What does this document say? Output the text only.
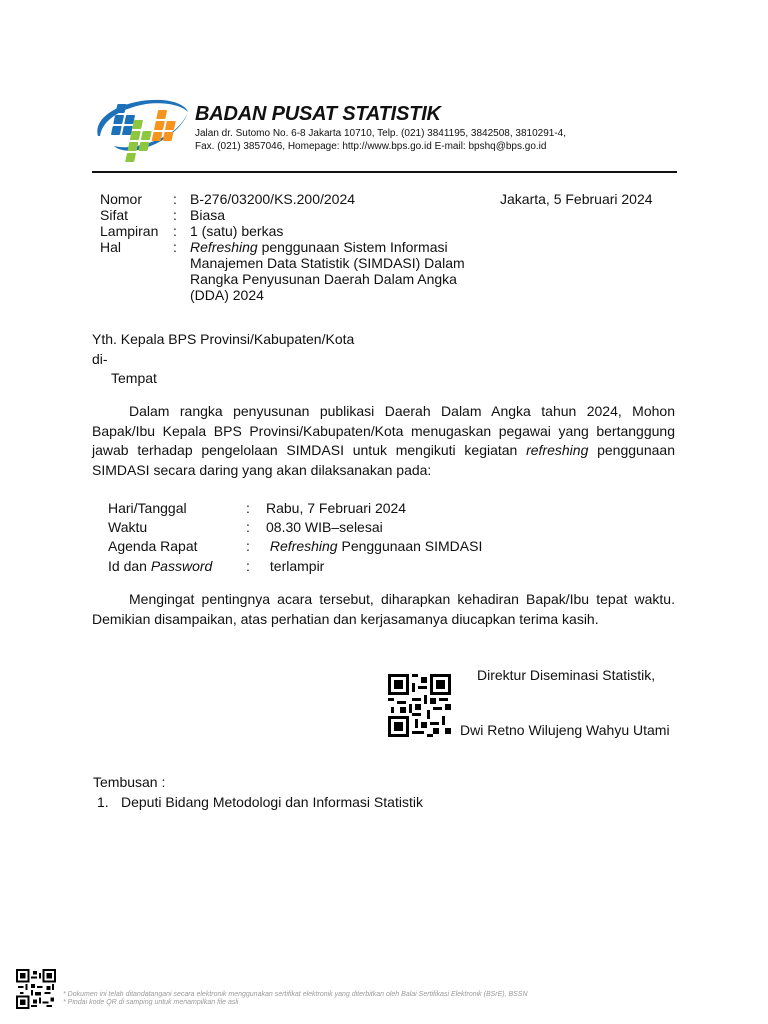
BADAN PUSAT STATISTIK
Jalan dr. Sutomo No. 6-8 Jakarta 10710, Telp. (021) 3841195, 3842508, 3810291-4,
Fax. (021) 3857046, Homepage: http://www.bps.go.id E-mail: bpshq@bps.go.id
Nomor	: B-276/03200/KS.200/2024
Sifat	: Biasa
Lampiran	: 1 (satu) berkas
Hal	: Refreshing penggunaan Sistem Informasi
Manajemen Data Statistik (SIMDASI) Dalam
Rangka Penyusunan Daerah Dalam Angka
(DDA) 2024
Jakarta, 5 Februari 2024
Yth. Kepala BPS Provinsi/Kabupaten/Kota
di-
Tempat
Dalam rangka penyusunan publikasi Daerah Dalam Angka tahun 2024, Mohon
Bapak/Ibu Kepala BPS Provinsi/Kabupaten/Kota menugaskan pegawai yang bertanggung
jawab terhadap pengelolaan SIMDASI untuk mengikuti kegiatan refreshing penggunaan
SIMDASI secara daring yang akan dilaksanakan pada:
Hari/Tanggal	:	Rabu, 7 Februari 2024
Waktu	:	08.30 WIB–selesai
Agenda Rapat	:	Refreshing Penggunaan SIMDASI
Id dan Password	:	terlampir
Mengingat pentingnya acara tersebut, diharapkan kehadiran Bapak/Ibu tepat waktu.
Demikian disampaikan, atas perhatian dan kerjasamanya diucapkan terima kasih.
Direktur Diseminasi Statistik,
Dwi Retno Wilujeng Wahyu Utami
Tembusan :
1. Deputi Bidang Metodologi dan Informasi Statistik
* Dokumen ini telah ditandatangani secara elektronik menggunakan sertifikat elektronik yang diterbitkan oleh Balai Sertifikasi Elektronik (BSrE), BSSN
* Pindai kode QR di samping untuk menampilkan file asli
